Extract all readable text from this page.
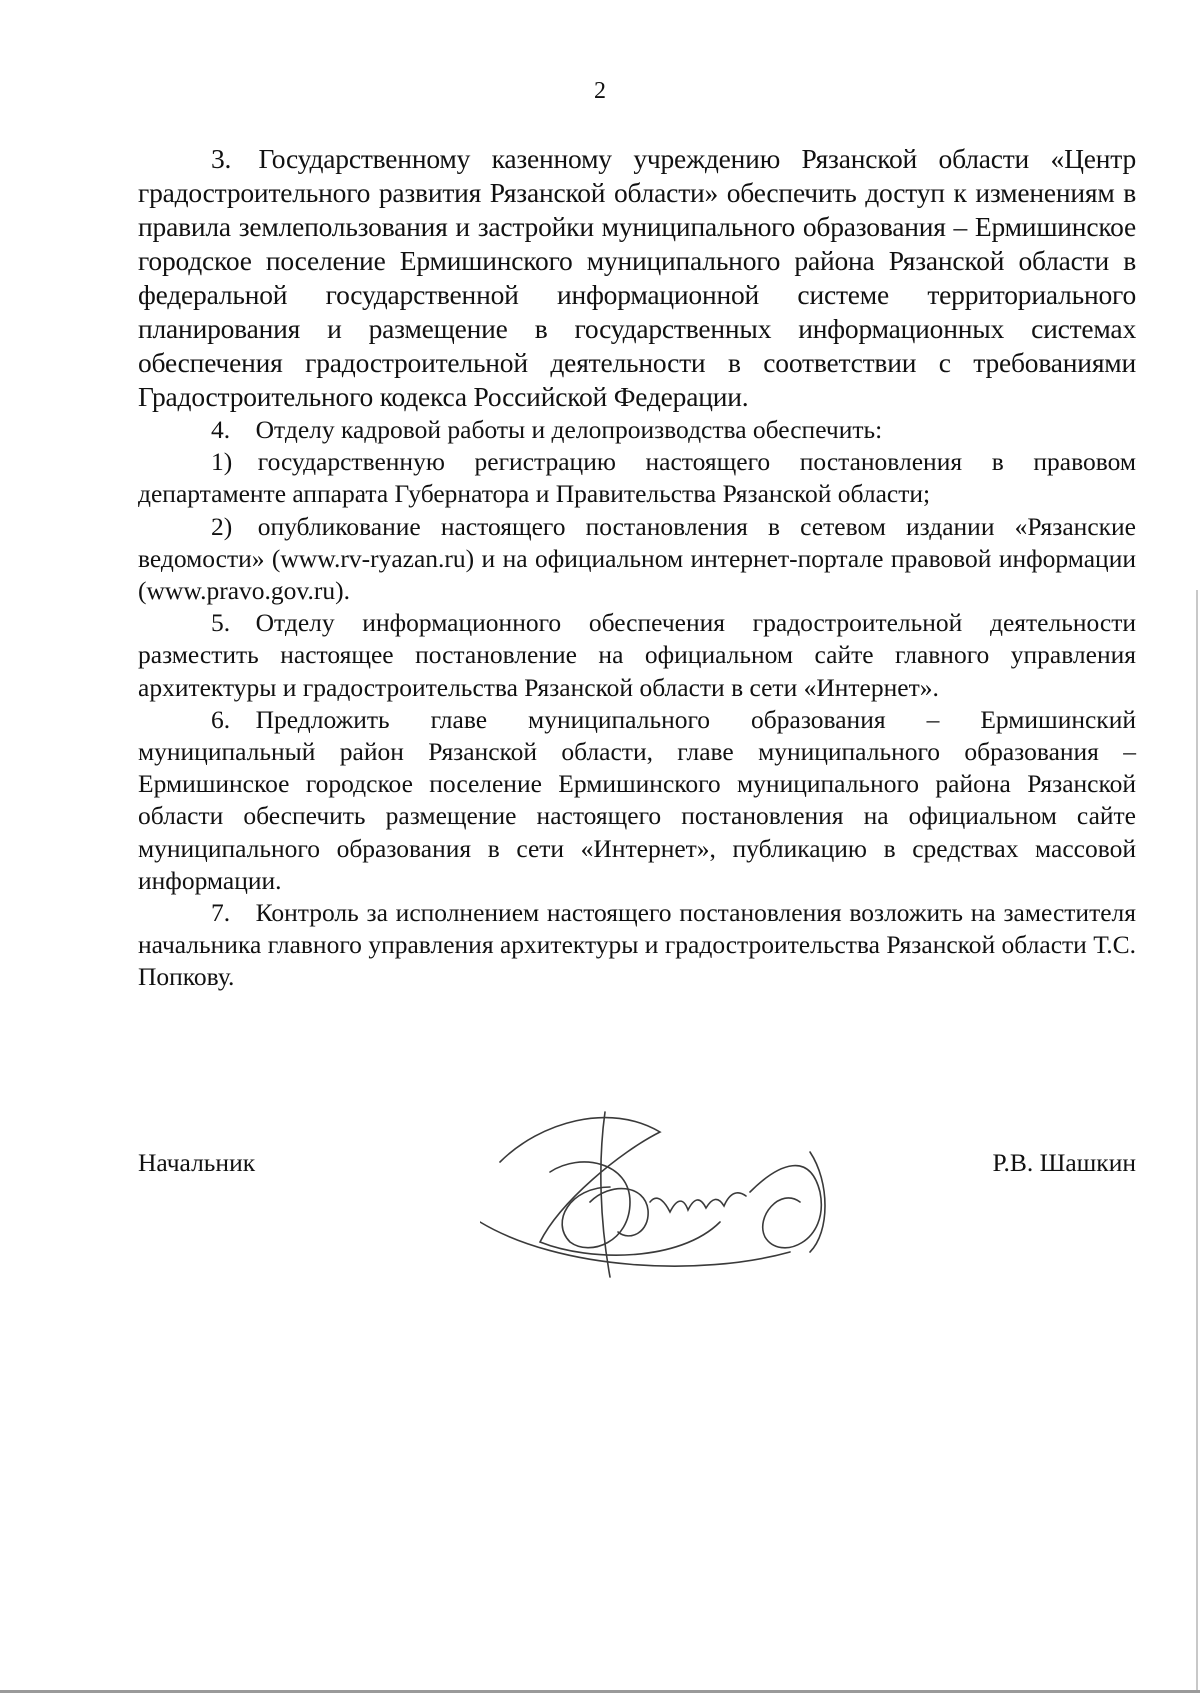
2

3. Государственному казенному учреждению Рязанской области «Центр градостроительного развития Рязанской области» обеспечить доступ к изменениям в правила землепользования и застройки муниципального образования – Ермишинское городское поселение Ермишинского муниципального района Рязанской области в федеральной государственной информационной системе территориального планирования и размещение в государственных информационных системах обеспечения градостроительной деятельности в соответствии с требованиями Градостроительного кодекса Российской Федерации.

4. Отделу кадровой работы и делопроизводства обеспечить:

1) государственную регистрацию настоящего постановления в правовом департаменте аппарата Губернатора и Правительства Рязанской области;

2) опубликование настоящего постановления в сетевом издании «Рязанские ведомости» (www.rv-ryazan.ru) и на официальном интернет-портале правовой информации (www.pravo.gov.ru).

5. Отделу информационного обеспечения градостроительной деятельности разместить настоящее постановление на официальном сайте главного управления архитектуры и градостроительства Рязанской области в сети «Интернет».

6. Предложить главе муниципального образования – Ермишинский муниципальный район Рязанской области, главе муниципального образования – Ермишинское городское поселение Ермишинского муниципального района Рязанской области обеспечить размещение настоящего постановления на официальном сайте муниципального образования в сети «Интернет», публикацию в средствах массовой информации.

7. Контроль за исполнением настоящего постановления возложить на заместителя начальника главного управления архитектуры и градостроительства Рязанской области Т.С. Попкову.

Начальник	Р.В. Шашкин
